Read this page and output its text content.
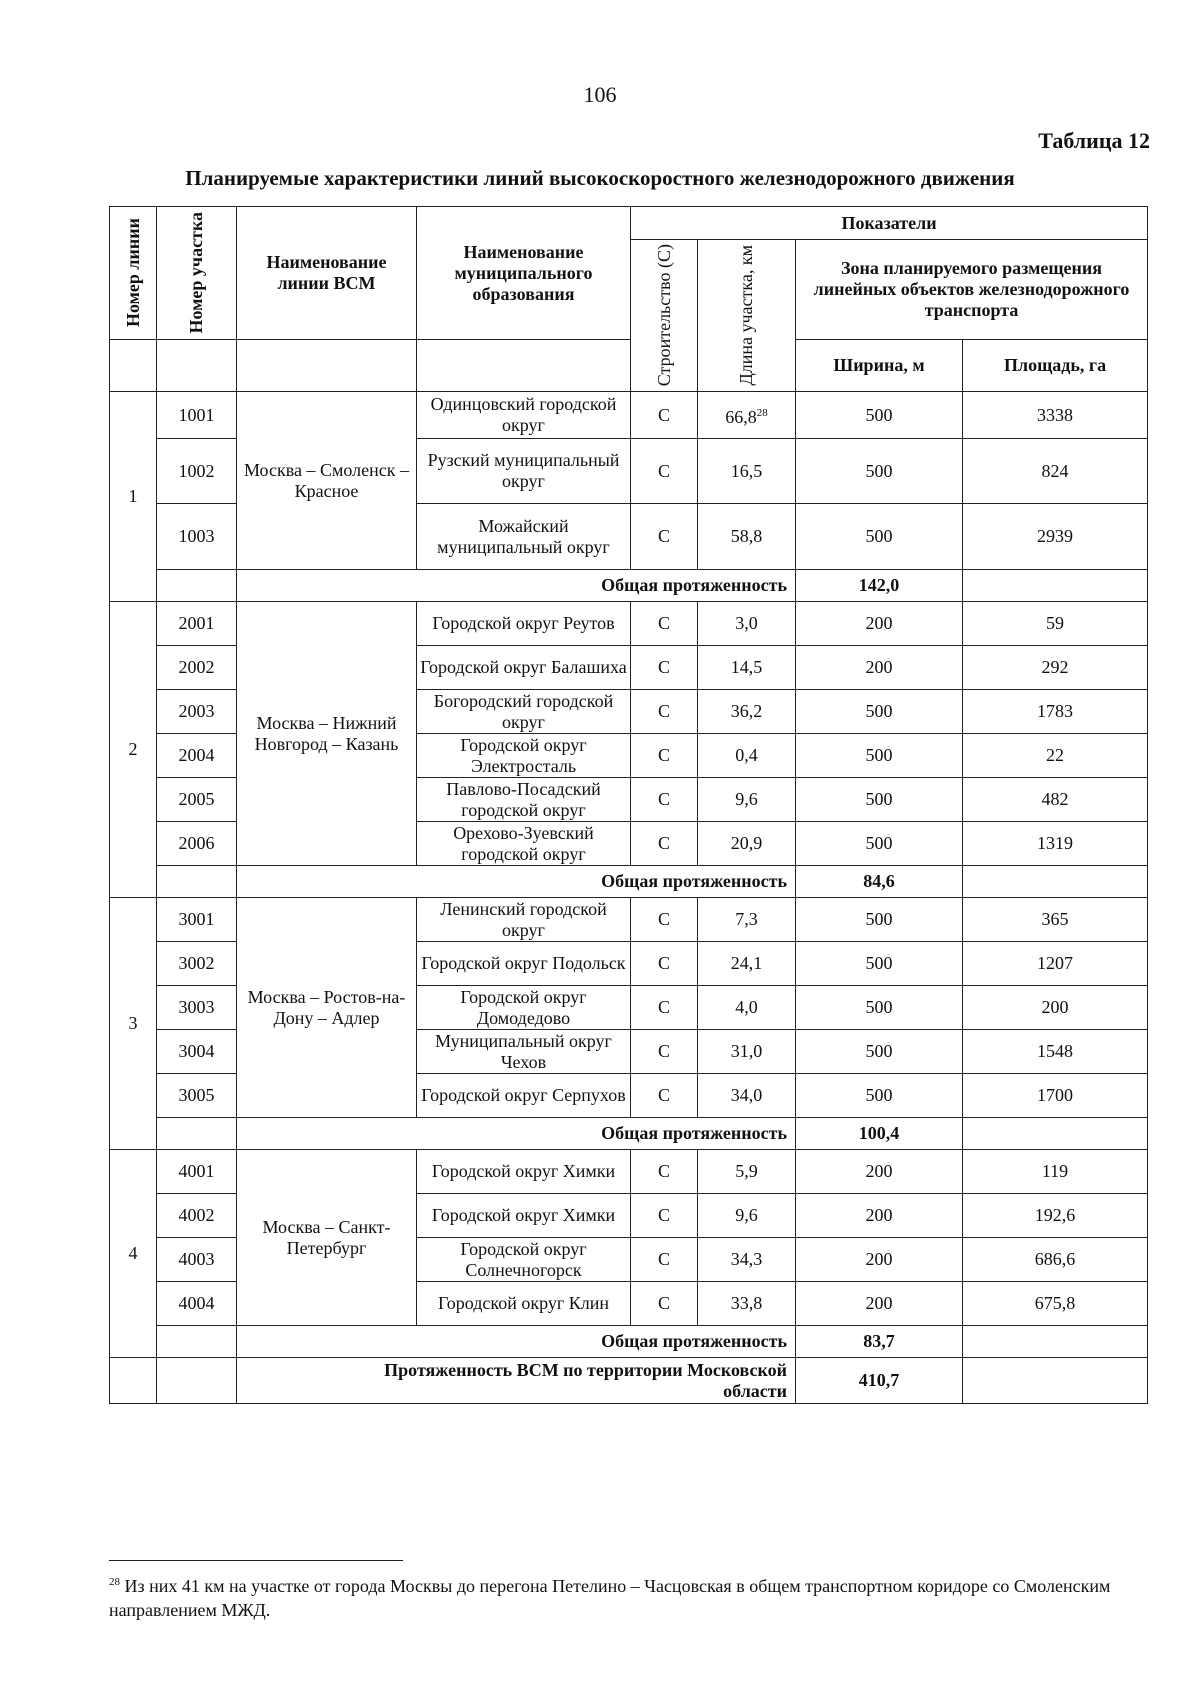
106
Таблица 12
Планируемые характеристики линий высокоскоростного железнодорожного движения
Номер линии	Номер участка	Наименование линии ВСМ	Наименование муниципального образования	Показатели				

				Строительство (С)	Длина участка, км	Зона планируемого размещения линейных объектов железнодорожного транспорта		
						Ширина, м	Площадь, га	
1	1001	Москва – Смоленск – Красное	Одинцовский городской округ	С	66,8$^{28}$	500	3338	
	1002		Рузский муниципальный округ	С	16,5	500	824	
	1003		Можайский муниципальный округ	С	58,8	500	2939	
		Общая протяженность				142,0		
2	2001	Москва – Нижний Новгород – Казань	Городской округ Реутов	С	3,0	200	59	
	2002		Городской округ Балашиха	С	14,5	200	292	
	2003		Богородский городской округ	С	36,2	500	1783	
	2004		Городской округ Электросталь	С	0,4	500	22	
	2005		Павлово-Посадский городской округ	С	9,6	500	482	
	2006		Орехово-Зуевский городской округ	С	20,9	500	1319	
		Общая протяженность				84,6		
3	3001	Москва – Ростов-на-Дону – Адлер	Ленинский городской округ	С	7,3	500	365	
	3002		Городской округ Подольск	С	24,1	500	1207	
	3003		Городской округ Домодедово	С	4,0	500	200	
	3004		Муниципальный округ Чехов	С	31,0	500	1548	
	3005		Городской округ Серпухов	С	34,0	500	1700	
		Общая протяженность				100,4		
4	4001	Москва – Санкт-Петербург	Городской округ Химки	С	5,9	200	119	
	4002		Городской округ Химки	С	9,6	200	192,6	
	4003		Городской округ Солнечногорск	С	34,3	200	686,6	
	4004		Городской округ Клин	С	33,8	200	675,8	
		Общая протяженность				83,7		
		Протяженность ВСМ по территории Московской области				410,7		
$^{28}$ Из них 41 км на участке от города Москвы до перегона Петелино – Часцовская в общем транспортном коридоре со Смоленским направлением МЖД.
